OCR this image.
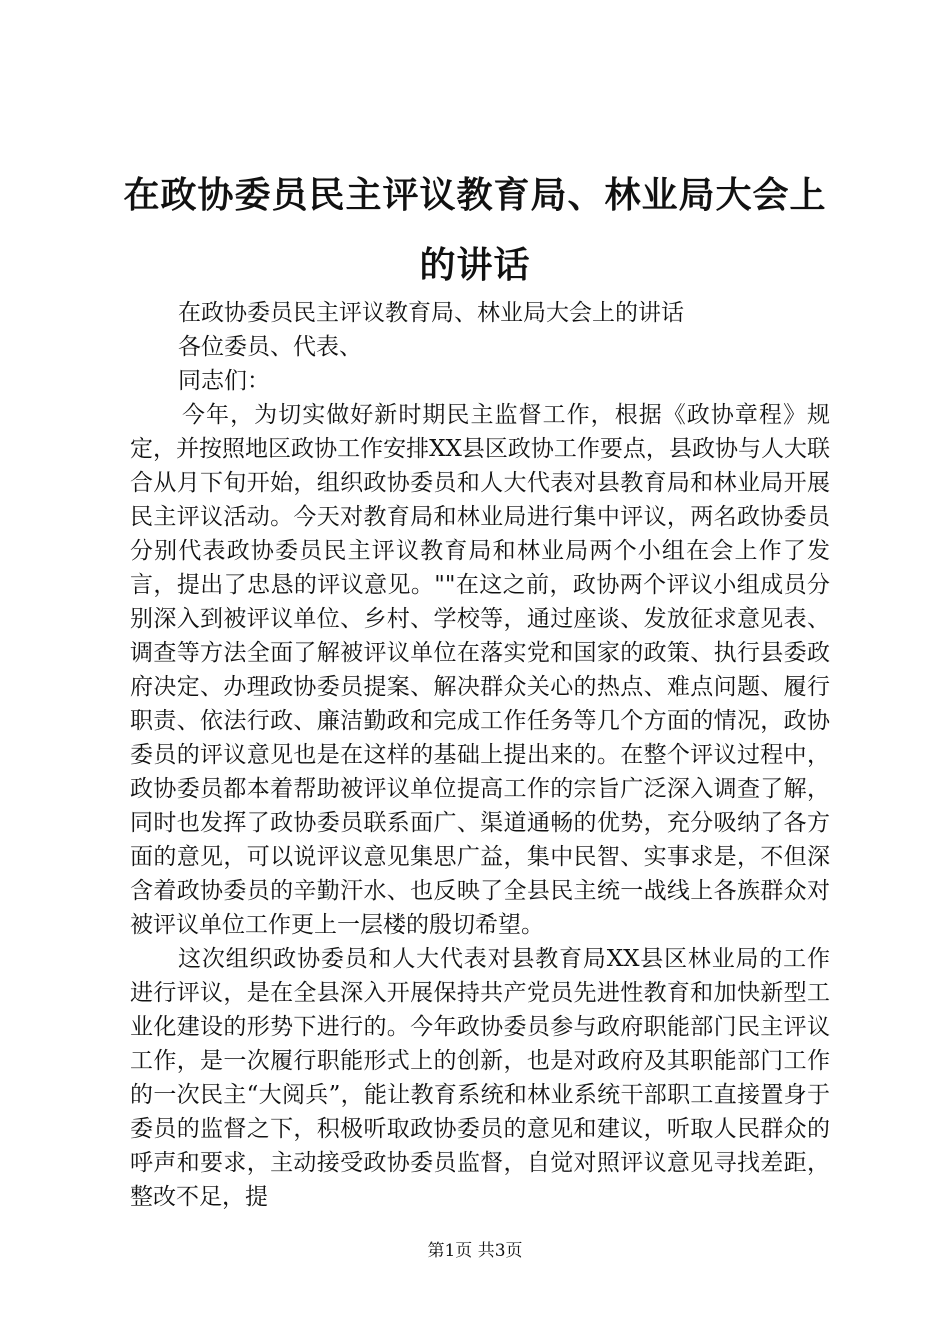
在政协委员民主评议教育局、林业局大会上的讲话

在政协委员民主评议教育局、林业局大会上的讲话

各位委员、代表、

同志们：

今年，为切实做好新时期民主监督工作，根据《政协章程》规定，并按照地区政协工作安排XX县区政协工作要点，县政协与人大联合从月下旬开始，组织政协委员和人大代表对县教育局和林业局开展民主评议活动。今天对教育局和林业局进行集中评议，两名政协委员分别代表政协委员民主评议教育局和林业局两个小组在会上作了发言，提出了忠恳的评议意见。""在这之前，政协两个评议小组成员分别深入到被评议单位、乡村、学校等，通过座谈、发放征求意见表、调查等方法全面了解被评议单位在落实党和国家的政策、执行县委政府决定、办理政协委员提案、解决群众关心的热点、难点问题、履行职责、依法行政、廉洁勤政和完成工作任务等几个方面的情况，政协委员的评议意见也是在这样的基础上提出来的。在整个评议过程中，政协委员都本着帮助被评议单位提高工作的宗旨广泛深入调查了解，同时也发挥了政协委员联系面广、渠道通畅的优势，充分吸纳了各方面的意见，可以说评议意见集思广益，集中民智、实事求是，不但深含着政协委员的辛勤汗水、也反映了全县民主统一战线上各族群众对被评议单位工作更上一层楼的殷切希望。

这次组织政协委员和人大代表对县教育局XX县区林业局的工作进行评议，是在全县深入开展保持共产党员先进性教育和加快新型工业化建设的形势下进行的。今年政协委员参与政府职能部门民主评议工作，是一次履行职能形式上的创新，也是对政府及其职能部门工作的一次民主“大阅兵”，能让教育系统和林业系统干部职工直接置身于委员的监督之下，积极听取政协委员的意见和建议，听取人民群众的呼声和要求，主动接受政协委员监督，自觉对照评议意见寻找差距，整改不足，提

第1页 共3页
